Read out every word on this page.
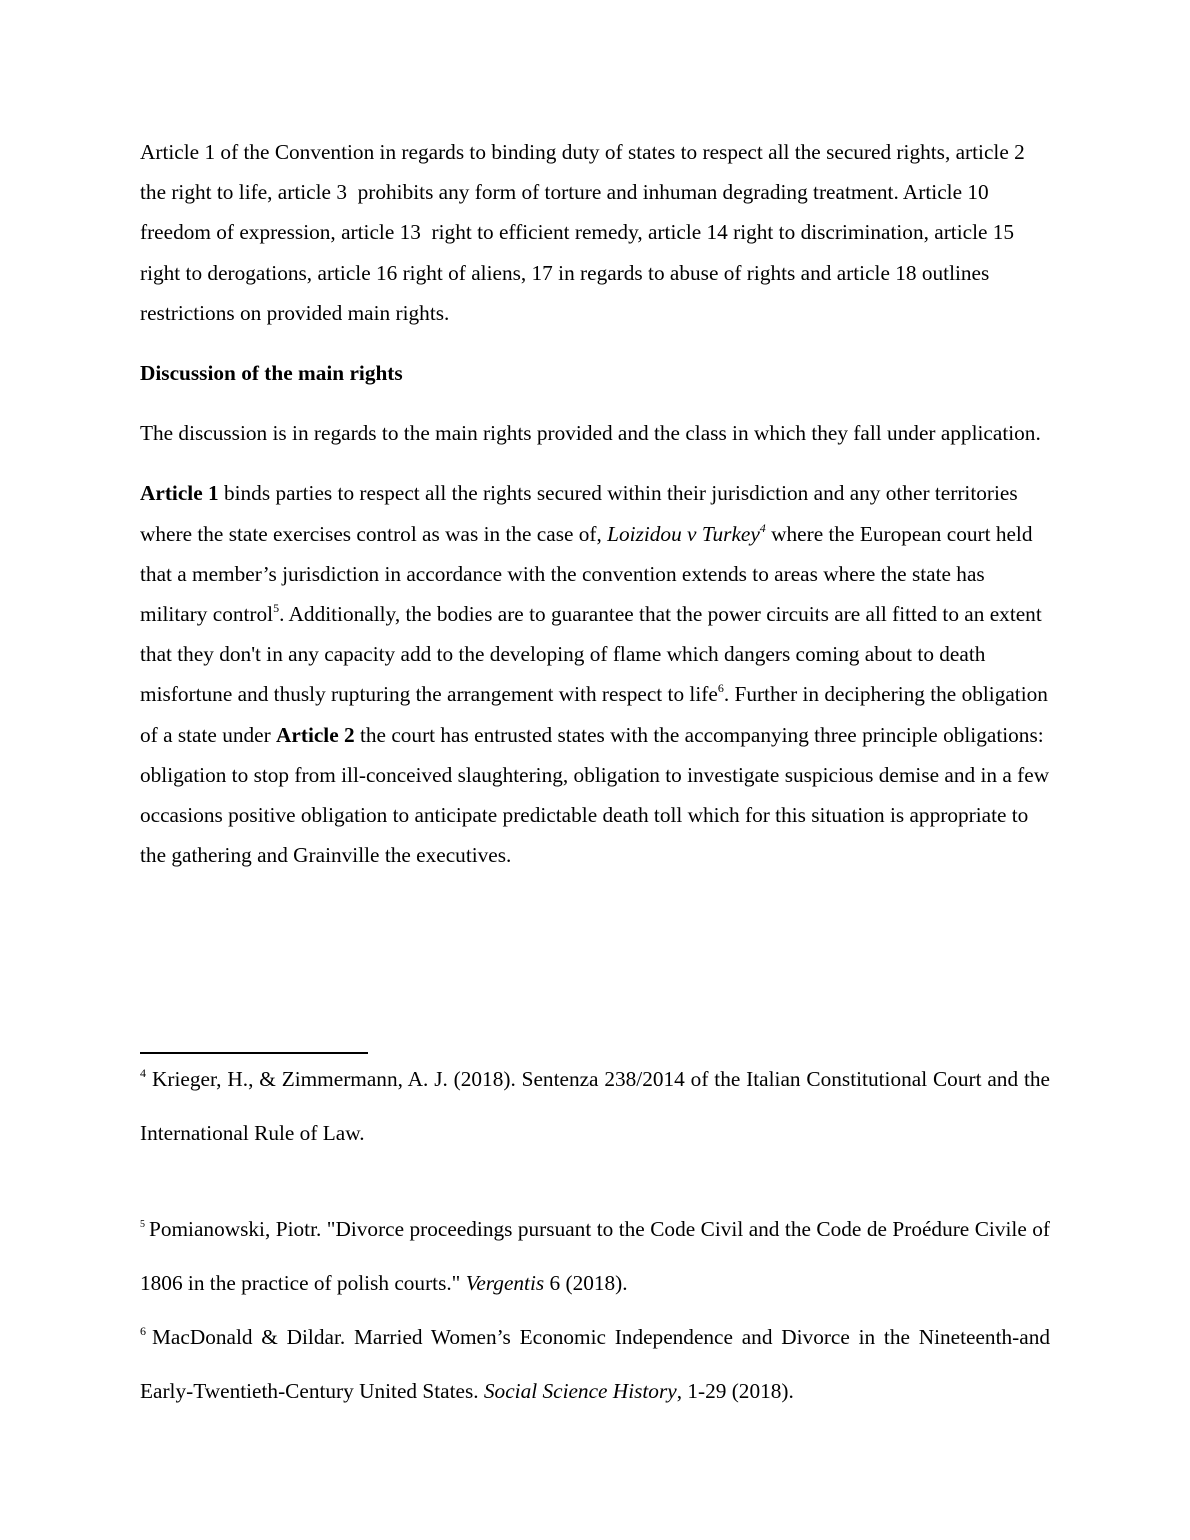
Article 1 of the Convention in regards to binding duty of states to respect all the secured rights, article 2 the right to life, article 3  prohibits any form of torture and inhuman degrading treatment. Article 10 freedom of expression, article 13  right to efficient remedy, article 14 right to discrimination, article 15 right to derogations, article 16 right of aliens, 17 in regards to abuse of rights and article 18 outlines restrictions on provided main rights.

Discussion of the main rights

The discussion is in regards to the main rights provided and the class in which they fall under application.

Article 1 binds parties to respect all the rights secured within their jurisdiction and any other territories where the state exercises control as was in the case of, Loizidou v Turkey$^4$ where the European court held that a member’s jurisdiction in accordance with the convention extends to areas where the state has military control$^5$. Additionally, the bodies are to guarantee that the power circuits are all fitted to an extent that they don't in any capacity add to the developing of flame which dangers coming about to death misfortune and thusly rupturing the arrangement with respect to life$^6$. Further in deciphering the obligation of a state under Article 2 the court has entrusted states with the accompanying three principle obligations: obligation to stop from ill-conceived slaughtering, obligation to investigate suspicious demise and in a few occasions positive obligation to anticipate predictable death toll which for this situation is appropriate to the gathering and Grainville the executives.

$^4$ Krieger, H., & Zimmermann, A. J. (2018). Sentenza 238/2014 of the Italian Constitutional Court and the International Rule of Law.

$^5$ Pomianowski, Piotr. "Divorce proceedings pursuant to the Code Civil and the Code de Proédure Civile of 1806 in the practice of polish courts." Vergentis 6 (2018).

$^6$ MacDonald & Dildar. Married Women’s Economic Independence and Divorce in the Nineteenth-and Early-Twentieth-Century United States. Social Science History, 1-29 (2018).
